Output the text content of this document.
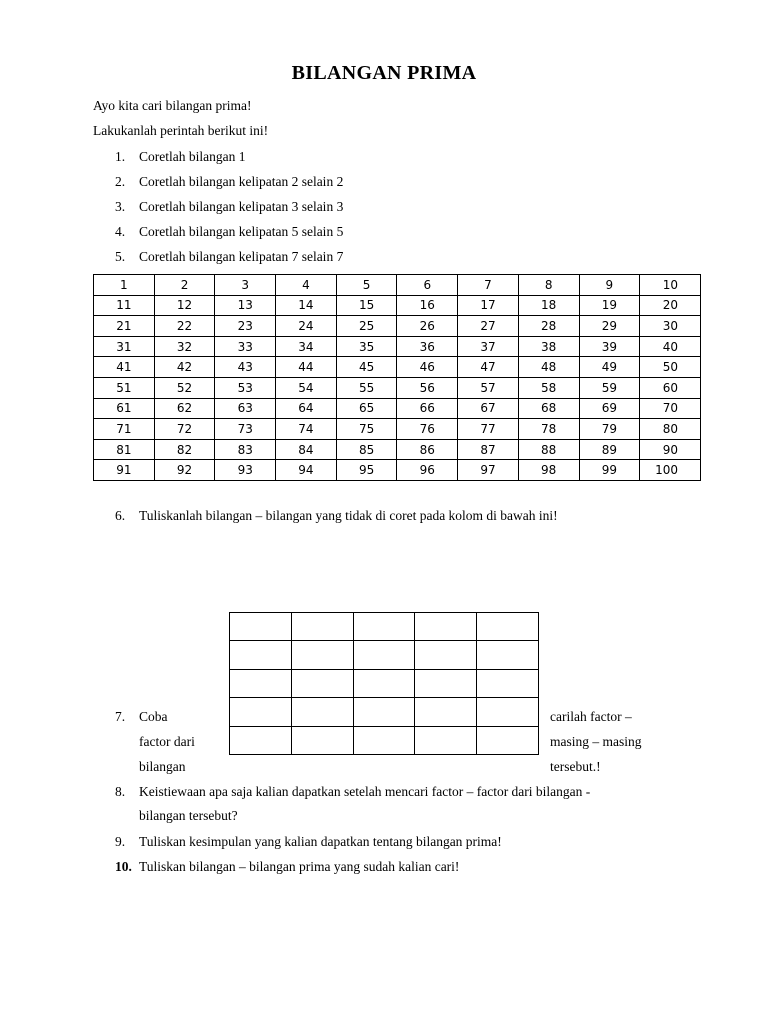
BILANGAN PRIMA
Ayo kita cari bilangan prima!
Lakukanlah perintah berikut ini!
1. Coretlah bilangan 1
2. Coretlah bilangan kelipatan 2 selain 2
3. Coretlah bilangan kelipatan 3 selain 3
4. Coretlah bilangan kelipatan 5 selain 5
5. Coretlah bilangan kelipatan 7 selain 7
1	2	3	4	5	6	7	8	9	10
11	12	13	14	15	16	17	18	19	20
21	22	23	24	25	26	27	28	29	30
31	32	33	34	35	36	37	38	39	40
41	42	43	44	45	46	47	48	49	50
51	52	53	54	55	56	57	58	59	60
61	62	63	64	65	66	67	68	69	70
71	72	73	74	75	76	77	78	79	80
81	82	83	84	85	86	87	88	89	90
91	92	93	94	95	96	97	98	99	100
6. Tuliskanlah bilangan – bilangan yang tidak di coret pada kolom di bawah ini!

7. Coba
factor dari
bilangan
carilah factor –
masing – masing
tersebut.!
8. Keistiewaan apa saja kalian dapatkan setelah mencari factor – factor dari bilangan -
bilangan tersebut?
9. Tuliskan kesimpulan yang kalian dapatkan tentang bilangan prima!
10. Tuliskan bilangan – bilangan prima yang sudah kalian cari!
